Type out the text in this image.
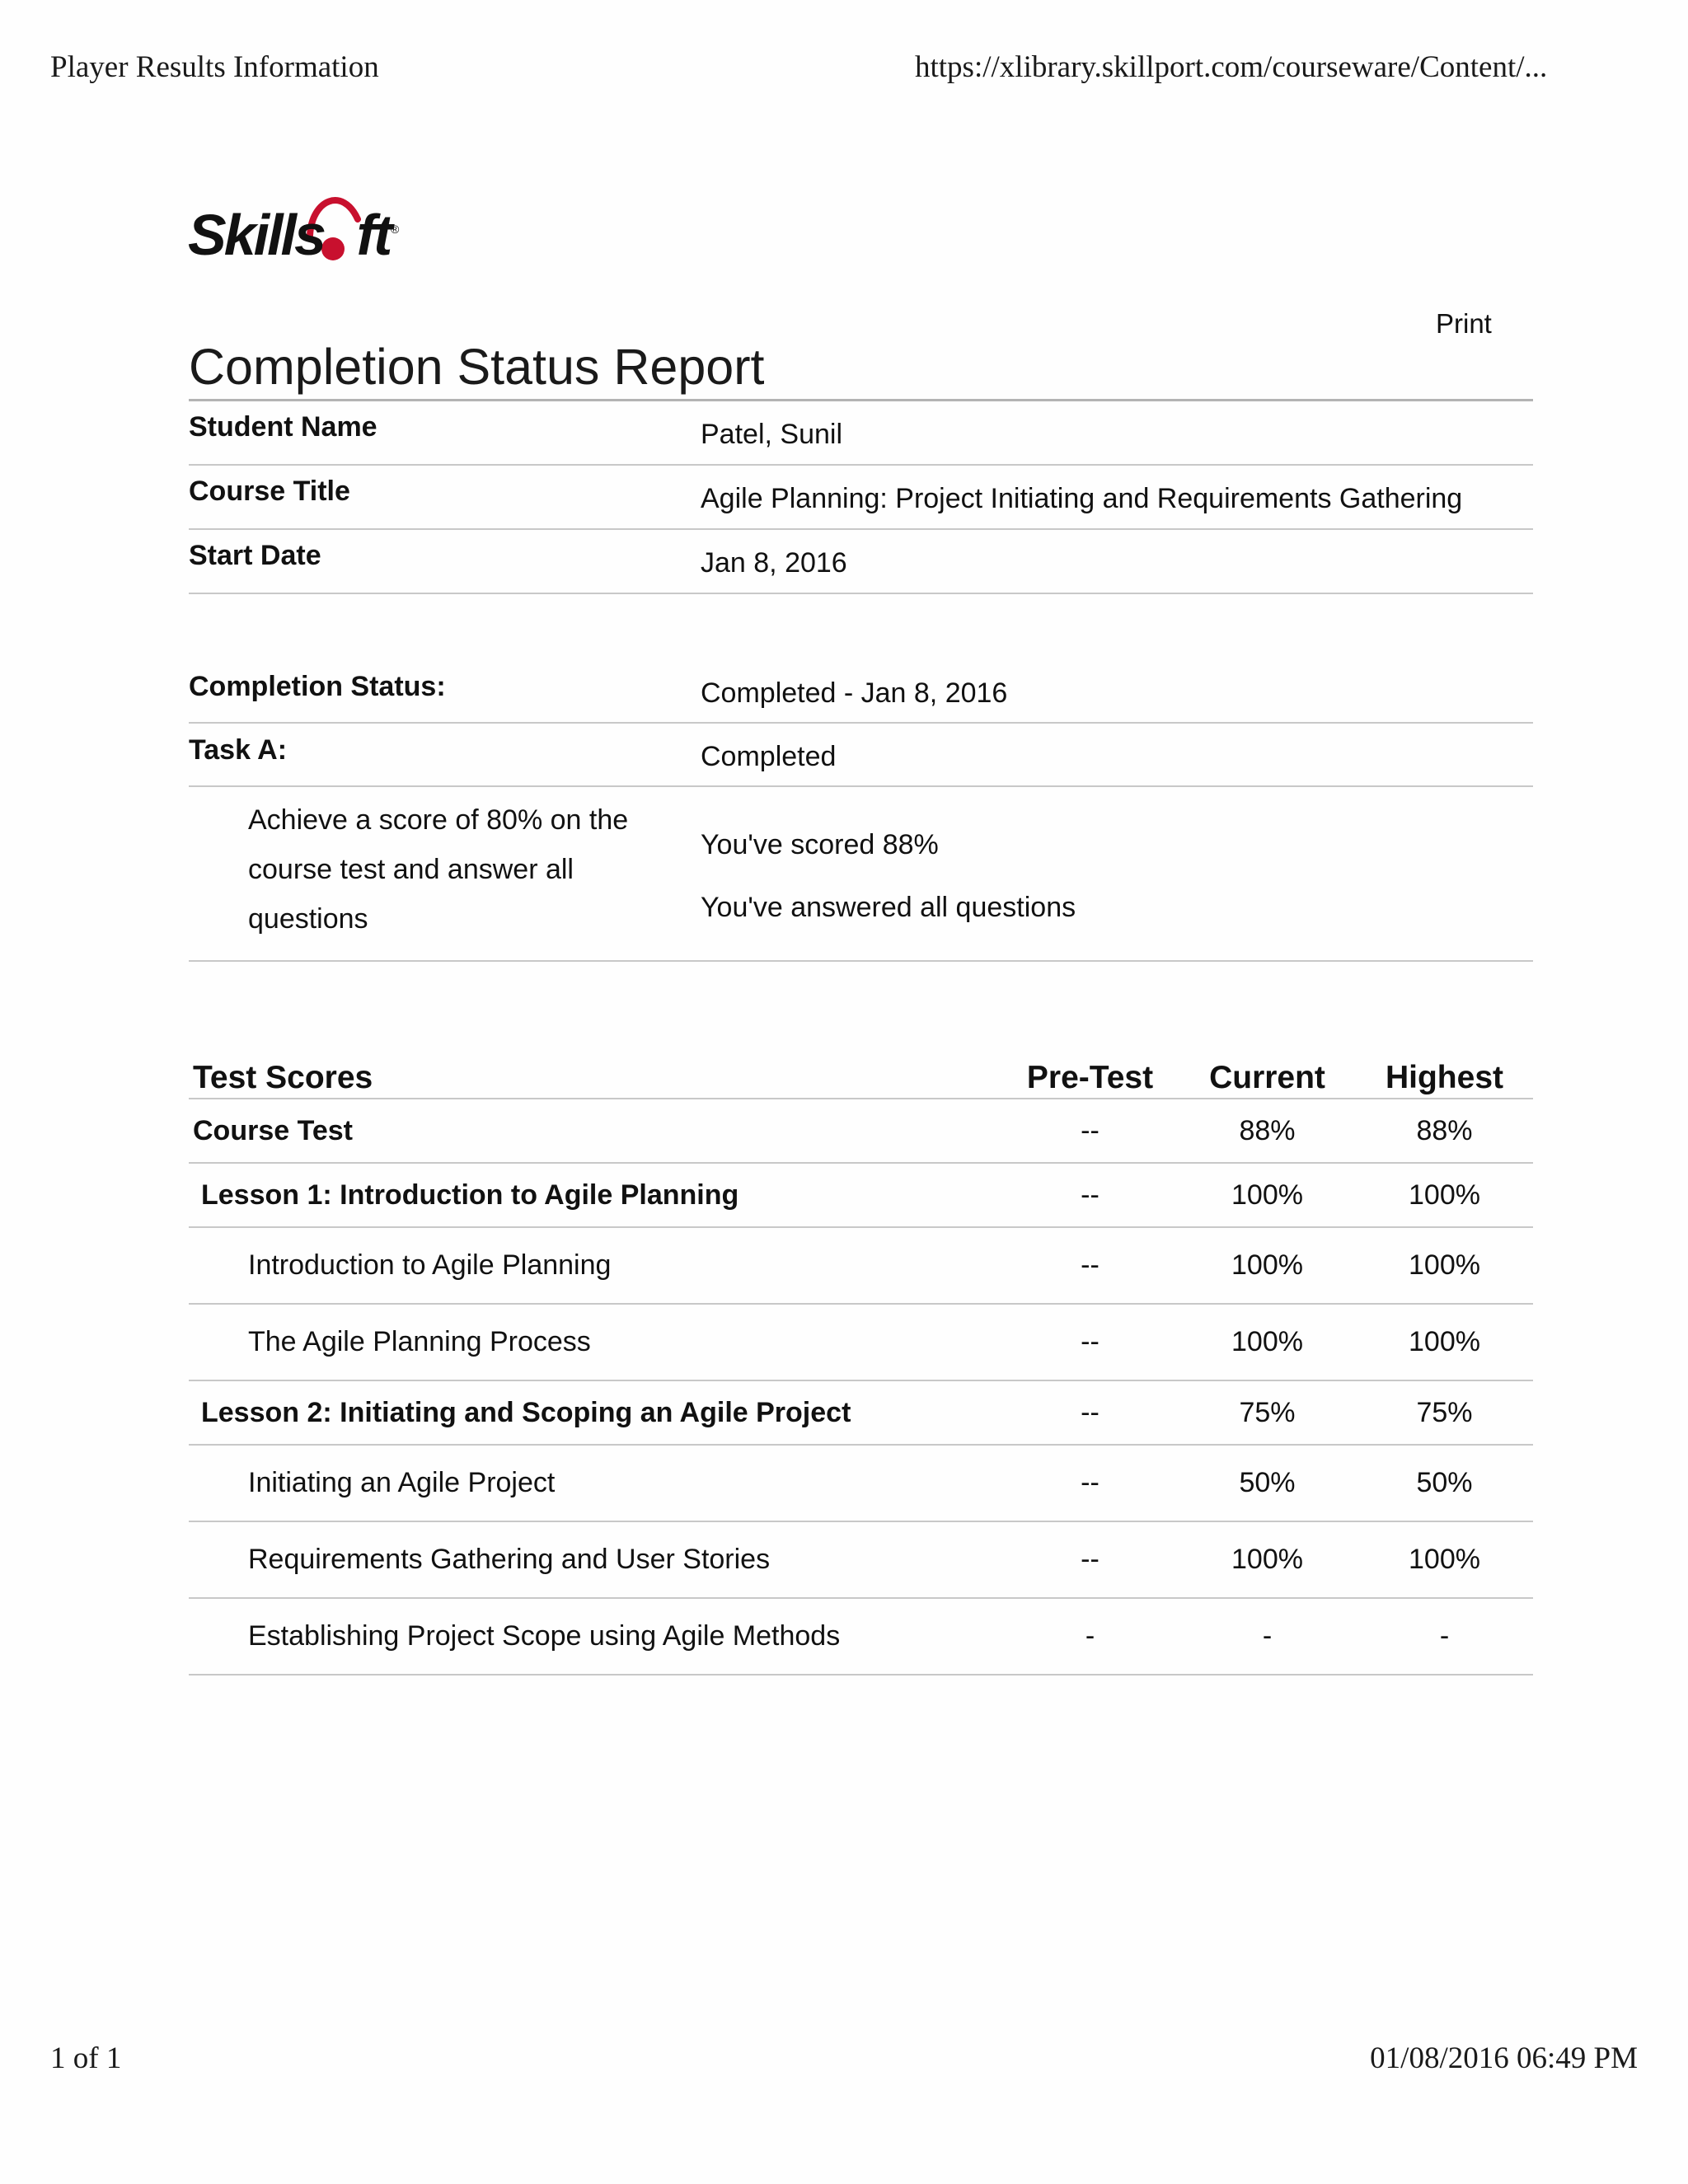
Player Results Information	https://xlibrary.skillport.com/courseware/Content/...
Skills ft ®
Print
Completion Status Report
Student Name	Patel, Sunil
Course Title	Agile Planning: Project Initiating and Requirements Gathering
Start Date	Jan 8, 2016
Completion Status:	Completed - Jan 8, 2016
Task A:	Completed

Achieve a score of 80% on the course test and answer all questions	You've scored 88%
You've answered all questions
Test Scores	Pre-Test	Current	Highest
Course Test	--	88%	88%
Lesson 1: Introduction to Agile Planning	--	100%	100%
Introduction to Agile Planning	--	100%	100%
The Agile Planning Process	--	100%	100%
Lesson 2: Initiating and Scoping an Agile Project	--	75%	75%
Initiating an Agile Project	--	50%	50%
Requirements Gathering and User Stories	--	100%	100%
Establishing Project Scope using Agile Methods	-	-	-
1 of 1	01/08/2016 06:49 PM
